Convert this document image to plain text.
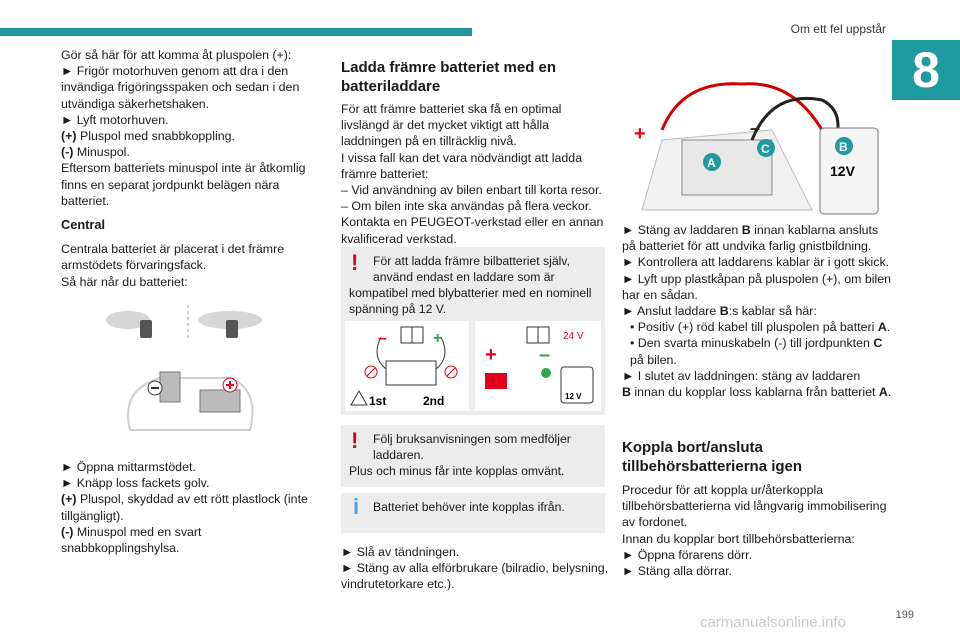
Om ett fel uppstår
8

Gör så här för att komma åt pluspolen (+):

► Frigör motorhuven genom att dra i den invändiga frigöringsspaken och sedan i den utvändiga säkerhetshaken.

► Lyft motorhuven.

(+) Pluspol med snabbkoppling.

(-) Minuspol.

Eftersom batteriets minuspol inte är åtkomlig finns en separat jordpunkt belägen nära batteriet.

Central

Centrala batteriet är placerat i det främre armstödets förvaringsfack.

Så här når du batteriet:

► Öppna mittarmstödet.

► Knäpp loss fackets golv.

(+) Pluspol, skyddad av ett rött plastlock (inte tillgängligt).

(-) Minuspol med en svart snabbkopplingshylsa.

Ladda främre batteriet med en batteriladdare

För att främre batteriet ska få en optimal livslängd är det mycket viktigt att hålla laddningen på en tillräcklig nivå.

I vissa fall kan det vara nödvändigt att ladda främre batteriet:

– Vid användning av bilen enbart till korta resor.

– Om bilen inte ska användas på flera veckor.

Kontakta en PEUGEOT-verkstad eller en annan kvalificerad verkstad.

!	För att ladda främre bilbatteriet själv,
använd endast en laddare som är
kompatibel med blybatterier med en nominell spänning på 12 V.
–	+
1st	2nd
24 V
+ –
12 V
!	Följ bruksanvisningen som medföljer
laddaren.
Plus och minus får inte kopplas omvänt.
i	Batteriet behöver inte kopplas ifrån.

► Slå av tändningen.

► Stäng av alla elförbrukare (bilradio, belysning, vindrutetorkare etc.).

+	–
12V
A
B
C

► Stäng av laddaren B innan kablarna ansluts på batteriet för att undvika farlig gnistbildning.

► Kontrollera att laddarens kablar är i gott skick.

► Lyft upp plastkåpan på pluspolen (+), om bilen har en sådan.

► Anslut laddare B:s kablar så här:

• Positiv (+) röd kabel till pluspolen på batteri A.

• Den svarta minuskabeln (-) till jordpunkten C på bilen.

► I slutet av laddningen: stäng av laddaren

B innan du kopplar loss kablarna från batteriet A.

Koppla bort/ansluta tillbehörsbatterierna igen

Procedur för att koppla ur/återkoppla tillbehörsbatterierna vid långvarig immobilisering av fordonet.

Innan du kopplar bort tillbehörsbatterierna:

► Öppna förarens dörr.

► Stäng alla dörrar.

199
carmanualsonline.info
